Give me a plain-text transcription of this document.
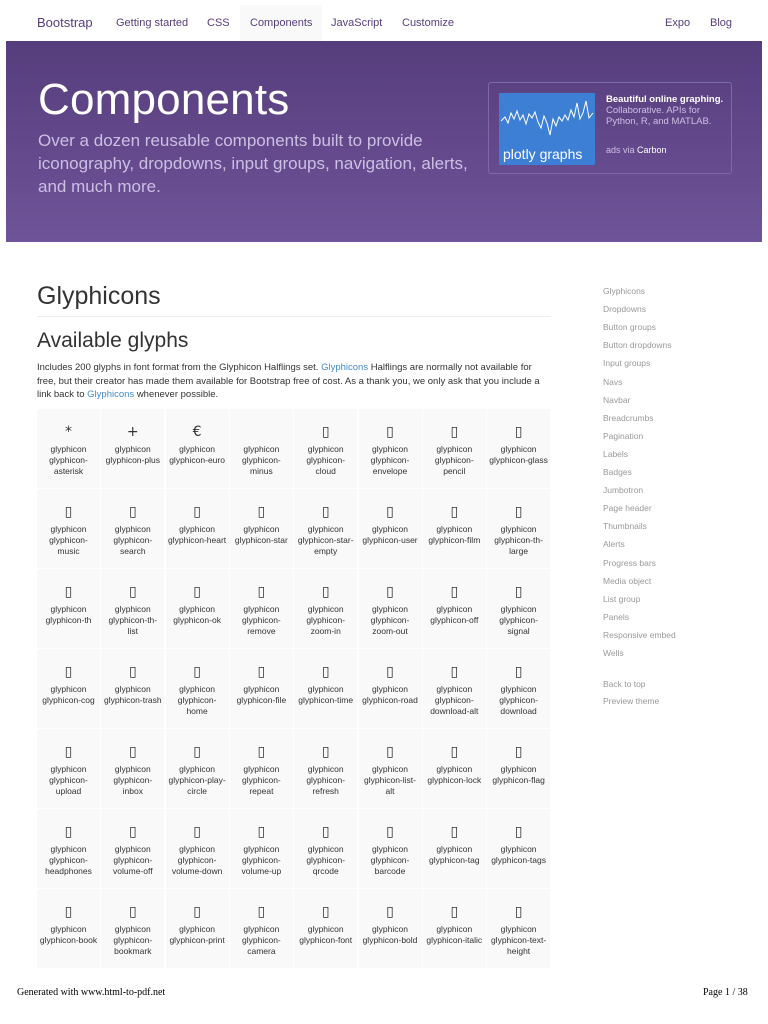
Bootstrap Getting started CSS	Components	JavaScript Customize	Expo Blog
Components

Over a dozen reusable components built to provide iconography, dropdowns, input groups, navigation, alerts, and much more.

plotly graphs
Beautiful online graphing. Collaborative. APIs for Python, R, and MATLAB.
ads via Carbon
Glyphicons
Available glyphs

Includes 200 glyphs in font format from the Glyphicon Halflings set. Glyphicons Halflings are normally not available for free, but their creator has made them available for Bootstrap free of cost. As a thank you, we only ask that you include a link back to Glyphicons whenever possible.

*
glyphicon glyphicon-asterisk
+
glyphicon glyphicon-plus
€
glyphicon glyphicon-euro
glyphicon glyphicon-minus
▯
glyphicon glyphicon-cloud
▯
glyphicon glyphicon-envelope
▯
glyphicon glyphicon-pencil
▯
glyphicon glyphicon-glass
▯
glyphicon glyphicon-music
▯
glyphicon glyphicon-search
▯
glyphicon glyphicon-heart
▯
glyphicon glyphicon-star
▯
glyphicon glyphicon-star-empty
▯
glyphicon glyphicon-user
▯
glyphicon glyphicon-film
▯
glyphicon glyphicon-th-large
▯
glyphicon glyphicon-th
▯
glyphicon glyphicon-th-list
▯
glyphicon glyphicon-ok
▯
glyphicon glyphicon-remove
▯
glyphicon glyphicon-zoom-in
▯
glyphicon glyphicon-zoom-out
▯
glyphicon glyphicon-off
▯
glyphicon glyphicon-signal
▯
glyphicon glyphicon-cog
▯
glyphicon glyphicon-trash
▯
glyphicon glyphicon-home
▯
glyphicon glyphicon-file
▯
glyphicon glyphicon-time
▯
glyphicon glyphicon-road
▯
glyphicon glyphicon-download-alt
▯
glyphicon glyphicon-download
▯
glyphicon glyphicon-upload
▯
glyphicon glyphicon-inbox
▯
glyphicon glyphicon-play-circle
▯
glyphicon glyphicon-repeat
▯
glyphicon glyphicon-refresh
▯
glyphicon glyphicon-list-alt
▯
glyphicon glyphicon-lock
▯
glyphicon glyphicon-flag
▯
glyphicon glyphicon-headphones
▯
glyphicon glyphicon-volume-off
▯
glyphicon glyphicon-volume-down
▯
glyphicon glyphicon-volume-up
▯
glyphicon glyphicon-qrcode
▯
glyphicon glyphicon-barcode
▯
glyphicon glyphicon-tag
▯
glyphicon glyphicon-tags
▯
glyphicon glyphicon-book
▯
glyphicon glyphicon-bookmark
▯
glyphicon glyphicon-print
▯
glyphicon glyphicon-camera
▯
glyphicon glyphicon-font
▯
glyphicon glyphicon-bold
▯
glyphicon glyphicon-italic
▯
glyphicon glyphicon-text-height
Glyphicons
Dropdowns
Button groups
Button dropdowns
Input groups
Navs
Navbar
Breadcrumbs
Pagination
Labels
Badges
Jumbotron
Page header
Thumbnails
Alerts
Progress bars
Media object
List group
Panels
Responsive embed
Wells
Back to top
Preview theme
Generated with www.html-to-pdf.net	Page 1 / 38
